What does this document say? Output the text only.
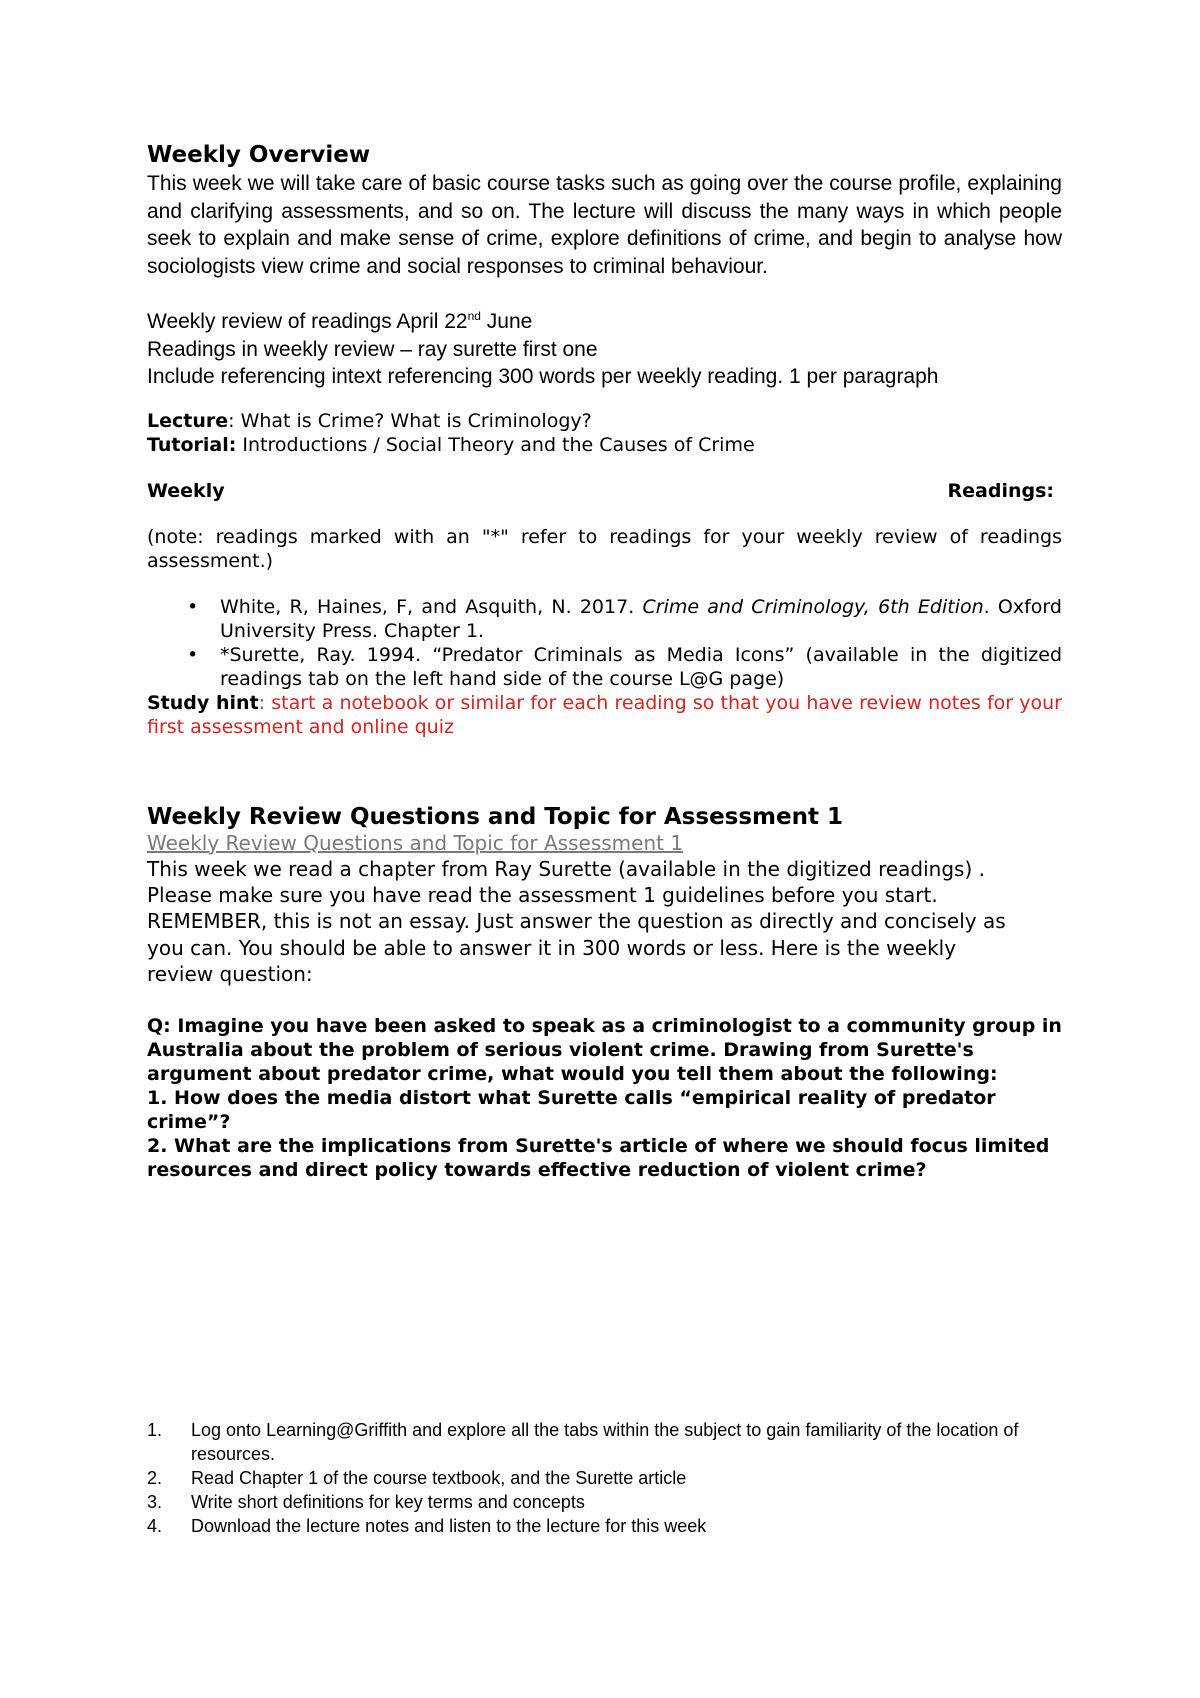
Weekly Overview

This week we will take care of basic course tasks such as going over the course profile, explaining and clarifying assessments, and so on. The lecture will discuss the many ways in which people seek to explain and make sense of crime, explore definitions of crime, and begin to analyse how sociologists view crime and social responses to criminal behaviour.

Weekly review of readings April 22nd June
Readings in weekly review – ray surette first one
Include referencing intext referencing 300 words per weekly reading. 1 per paragraph
Lecture: What is Crime? What is Criminology?
Tutorial: Introductions / Social Theory and the Causes of Crime
Weekly	Readings:

(note: readings marked with an "*" refer to readings for your weekly review of readings assessment.)

• White, R, Haines, F, and Asquith, N. 2017. Crime and Criminology, 6th Edition. Oxford University Press. Chapter 1.
• *Surette, Ray. 1994. “Predator Criminals as Media Icons” (available in the digitized readings tab on the left hand side of the course L@G page)

Study hint: start a notebook or similar for each reading so that you have review notes for your first assessment and online quiz

Weekly Review Questions and Topic for Assessment 1
Weekly Review Questions and Topic for Assessment 1

This week we read a chapter from Ray Surette (available in the digitized readings) . Please make sure you have read the assessment 1 guidelines before you start. REMEMBER, this is not an essay. Just answer the question as directly and concisely as you can. You should be able to answer it in 300 words or less. Here is the weekly review question:

Q: Imagine you have been asked to speak as a criminologist to a community group in Australia about the problem of serious violent crime. Drawing from Surette's argument about predator crime, what would you tell them about the following:
1. How does the media distort what Surette calls “empirical reality of predator crime”?
2. What are the implications from Surette's article of where we should focus limited resources and direct policy towards effective reduction of violent crime?
1. Log onto Learning@Griffith and explore all the tabs within the subject to gain familiarity of the location of resources.
2. Read Chapter 1 of the course textbook, and the Surette article
3. Write short definitions for key terms and concepts
4. Download the lecture notes and listen to the lecture for this week
